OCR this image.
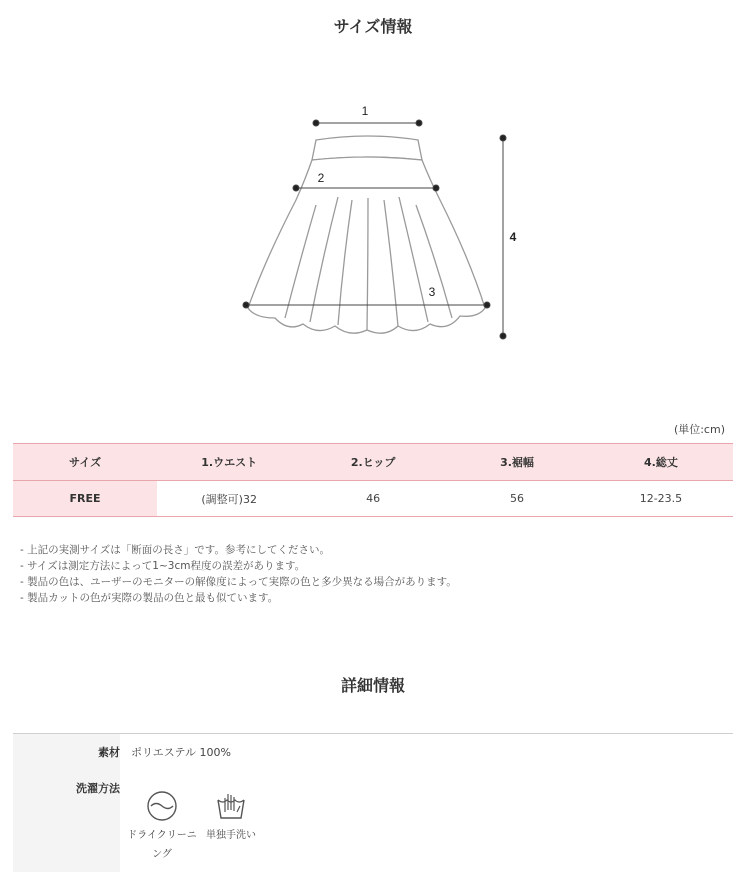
サイズ情報
1
2
3
4
(単位:cm)
サイズ	1.ウエスト	2.ヒップ	3.裾幅	4.総丈
FREE	(調整可)32	46	56	12-23.5
- 上記の実測サイズは「断面の長さ」です。参考にしてください。
- サイズは測定方法によって1~3cm程度の誤差があります。
- 製品の色は、ユーザーのモニターの解像度によって実際の色と多少異なる場合があります。
- 製品カットの色が実際の製品の色と最も似ています。
詳細情報
素材 ポリエステル 100%
洗濯方法
ドライクリーニング
単独手洗い
